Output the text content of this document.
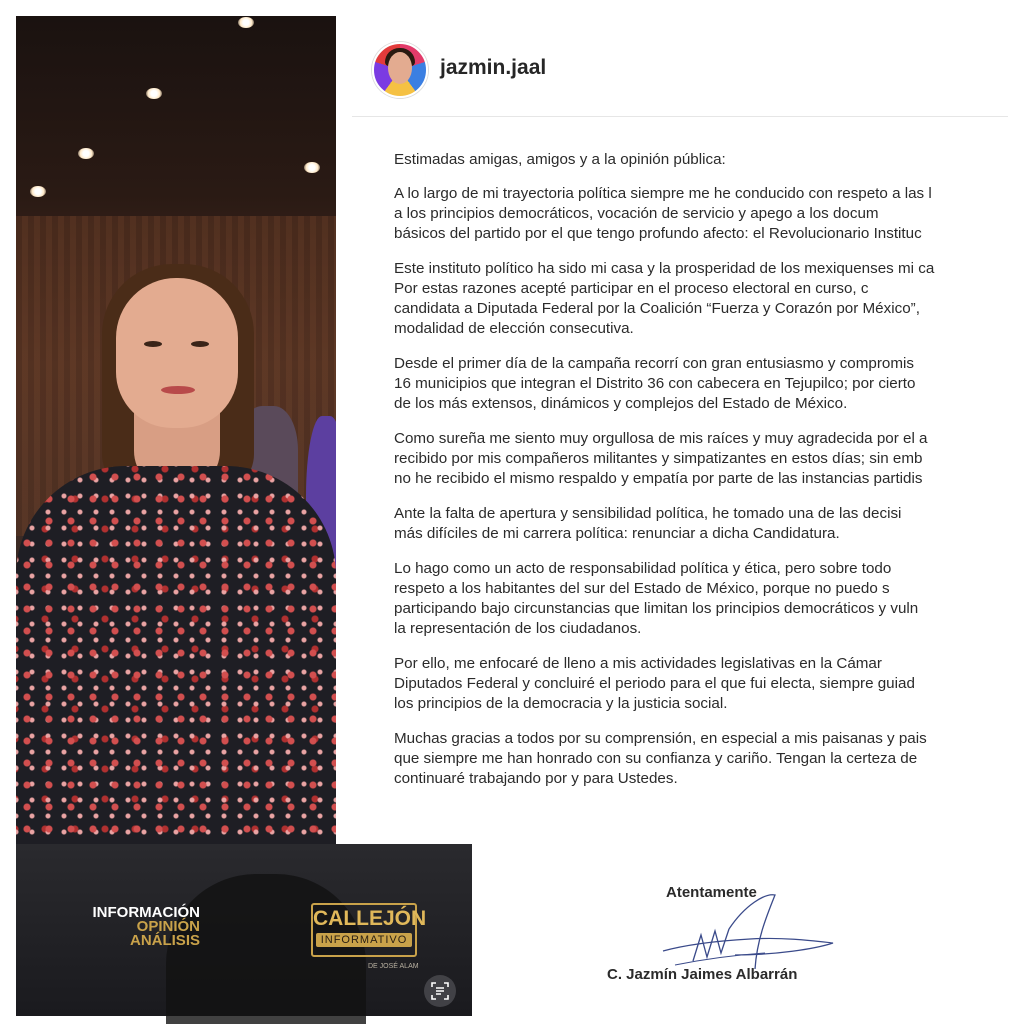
INFORMACIÓN
OPINIÓN
ANÁLISIS
CALLEJÓN
INFORMATIVO
DE JOSÉ ALAM
jazmin.jaal
Estimadas amigas, amigos y a la opinión pública:
A lo largo de mi trayectoria política siempre me he conducido con respeto a las l
a los principios democráticos, vocación de servicio y apego a los docum
básicos del partido por el que tengo profundo afecto: el Revolucionario Instituc
Este instituto político ha sido mi casa y la prosperidad de los mexiquenses mi ca
Por estas razones acepté participar en el proceso electoral en curso, c
candidata a Diputada Federal por la Coalición “Fuerza y Corazón por México”,
modalidad de elección consecutiva.
Desde el primer día de la campaña recorrí con gran entusiasmo y compromis
16 municipios que integran el Distrito 36 con cabecera en Tejupilco; por cierto
de los más extensos, dinámicos y complejos del Estado de México.
Como sureña me siento muy orgullosa de mis raíces y muy agradecida por el a
recibido por mis compañeros militantes y simpatizantes en estos días; sin emb
no he recibido el mismo respaldo y empatía por parte de las instancias partidis
Ante la falta de apertura y sensibilidad política, he tomado una de las decisi
más difíciles de mi carrera política: renunciar a dicha Candidatura.
Lo hago como un acto de responsabilidad política y ética, pero sobre todo
respeto a los habitantes del sur del Estado de México, porque no puedo s
participando bajo circunstancias que limitan los principios democráticos y vuln
la representación de los ciudadanos.
Por ello, me enfocaré de lleno a mis actividades legislativas en la Cámar
Diputados Federal y concluiré el periodo para el que fui electa, siempre guiad
los principios de la democracia y la justicia social.
Muchas gracias a todos por su comprensión, en especial a mis paisanas y pais
que siempre me han honrado con su confianza y cariño. Tengan la certeza de
continuaré trabajando por y para Ustedes.
Atentamente
C. Jazmín Jaimes Albarrán
